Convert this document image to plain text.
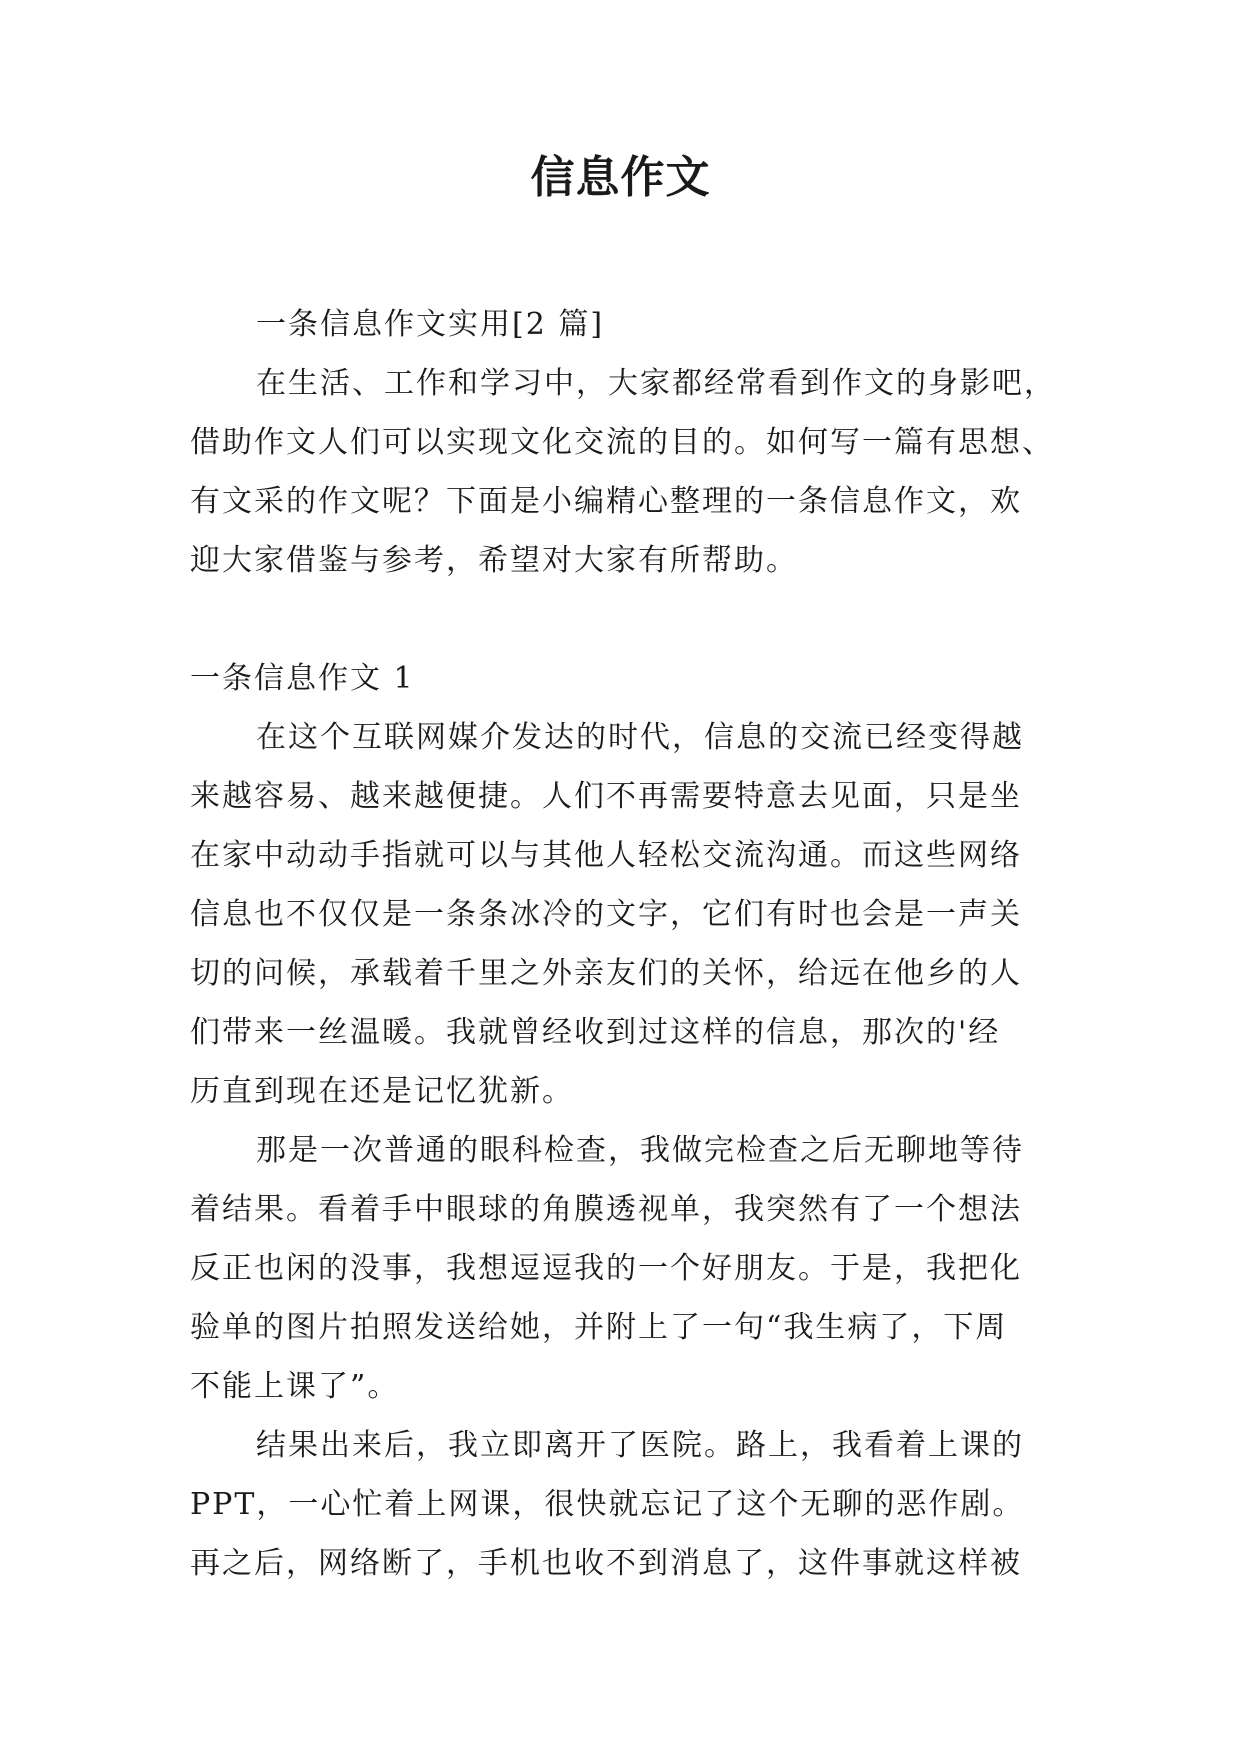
信息作文
一条信息作文实用[2 篇]
在生活、工作和学习中，大家都经常看到作文的身影吧，
借助作文人们可以实现文化交流的目的。如何写一篇有思想、
有文采的作文呢？下面是小编精心整理的一条信息作文，欢
迎大家借鉴与参考，希望对大家有所帮助。
一条信息作文 1
在这个互联网媒介发达的时代，信息的交流已经变得越
来越容易、越来越便捷。人们不再需要特意去见面，只是坐
在家中动动手指就可以与其他人轻松交流沟通。而这些网络
信息也不仅仅是一条条冰冷的文字，它们有时也会是一声关
切的问候，承载着千里之外亲友们的关怀，给远在他乡的人
们带来一丝温暖。我就曾经收到过这样的信息，那次的'经
历直到现在还是记忆犹新。
那是一次普通的眼科检查，我做完检查之后无聊地等待
着结果。看着手中眼球的角膜透视单，我突然有了一个想法
反正也闲的没事，我想逗逗我的一个好朋友。于是，我把化
验单的图片拍照发送给她，并附上了一句“我生病了，下周
不能上课了”。
结果出来后，我立即离开了医院。路上，我看着上课的
PPT，一心忙着上网课，很快就忘记了这个无聊的恶作剧。
再之后，网络断了，手机也收不到消息了，这件事就这样被
